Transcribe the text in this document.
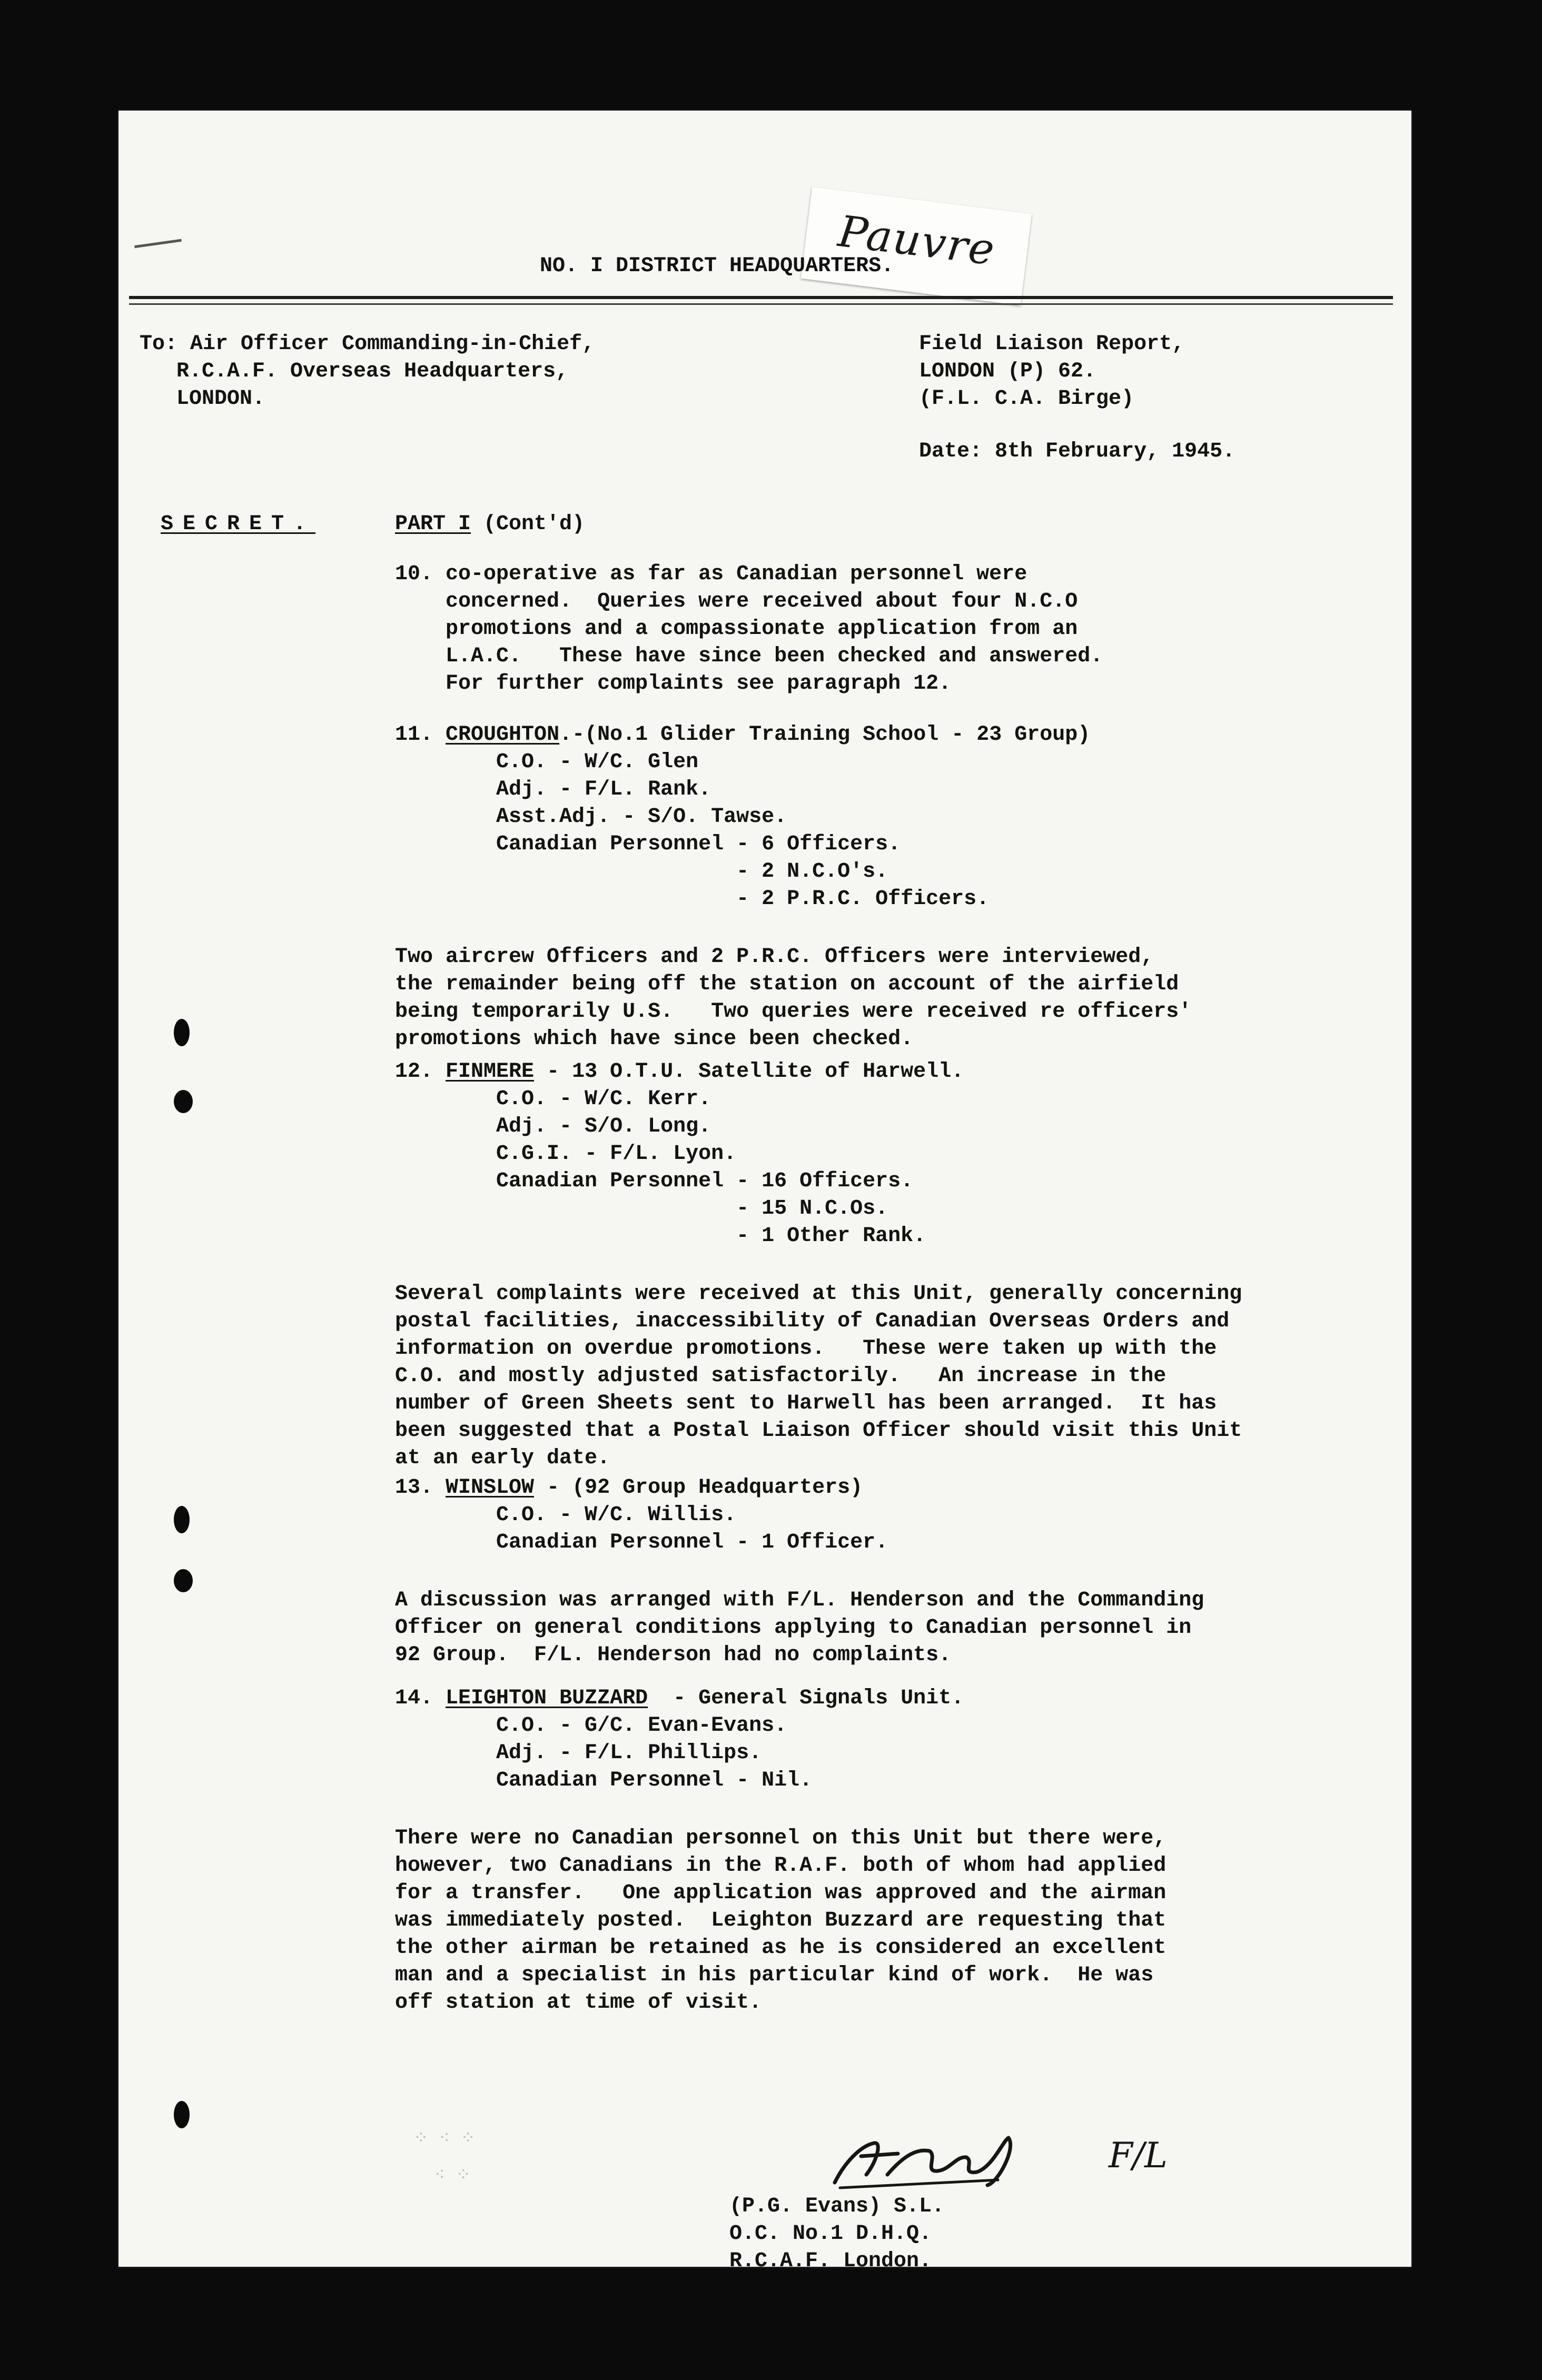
Pauvre
NO. I DISTRICT HEADQUARTERS.
To: Air Officer Commanding-in-Chief,
R.C.A.F. Overseas Headquarters,
LONDON.
Field Liaison Report,
LONDON (P) 62.
(F.L. C.A. Birge)
Date: 8th February, 1945.
SECRET.	PART I (Cont'd)
10. co-operative as far as Canadian personnel were
concerned.  Queries were received about four N.C.O
promotions and a compassionate application from an
L.A.C.   These have since been checked and answered.
For further complaints see paragraph 12.
11. CROUGHTON.-(No.1 Glider Training School - 23 Group)
C.O. - W/C. Glen
Adj. - F/L. Rank.
Asst.Adj. - S/O. Tawse.
Canadian Personnel - 6 Officers.
- 2 N.C.O's.
- 2 P.R.C. Officers.
Two aircrew Officers and 2 P.R.C. Officers were interviewed,
the remainder being off the station on account of the airfield
being temporarily U.S.   Two queries were received re officers'
promotions which have since been checked.
12. FINMERE - 13 O.T.U. Satellite of Harwell.
C.O. - W/C. Kerr.
Adj. - S/O. Long.
C.G.I. - F/L. Lyon.
Canadian Personnel - 16 Officers.
- 15 N.C.Os.
- 1 Other Rank.
Several complaints were received at this Unit, generally concerning
postal facilities, inaccessibility of Canadian Overseas Orders and
information on overdue promotions.   These were taken up with the
C.O. and mostly adjusted satisfactorily.   An increase in the
number of Green Sheets sent to Harwell has been arranged.  It has
been suggested that a Postal Liaison Officer should visit this Unit
at an early date.
13. WINSLOW - (92 Group Headquarters)
C.O. - W/C. Willis.
Canadian Personnel - 1 Officer.
A discussion was arranged with F/L. Henderson and the Commanding
Officer on general conditions applying to Canadian personnel in
92 Group.  F/L. Henderson had no complaints.
14. LEIGHTON BUZZARD  - General Signals Unit.
C.O. - G/C. Evan-Evans.
Adj. - F/L. Phillips.
Canadian Personnel - Nil.
There were no Canadian personnel on this Unit but there were,
however, two Canadians in the R.A.F. both of whom had applied
for a transfer.   One application was approved and the airman
was immediately posted.  Leighton Buzzard are requesting that
the other airman be retained as he is considered an excellent
man and a specialist in his particular kind of work.  He was
off station at time of visit.
⁘ ⁖ ⁘
⁖ ⁘	F/L
(P.G. Evans) S.L.
O.C. No.1 D.H.Q.
R.C.A.F. London.
